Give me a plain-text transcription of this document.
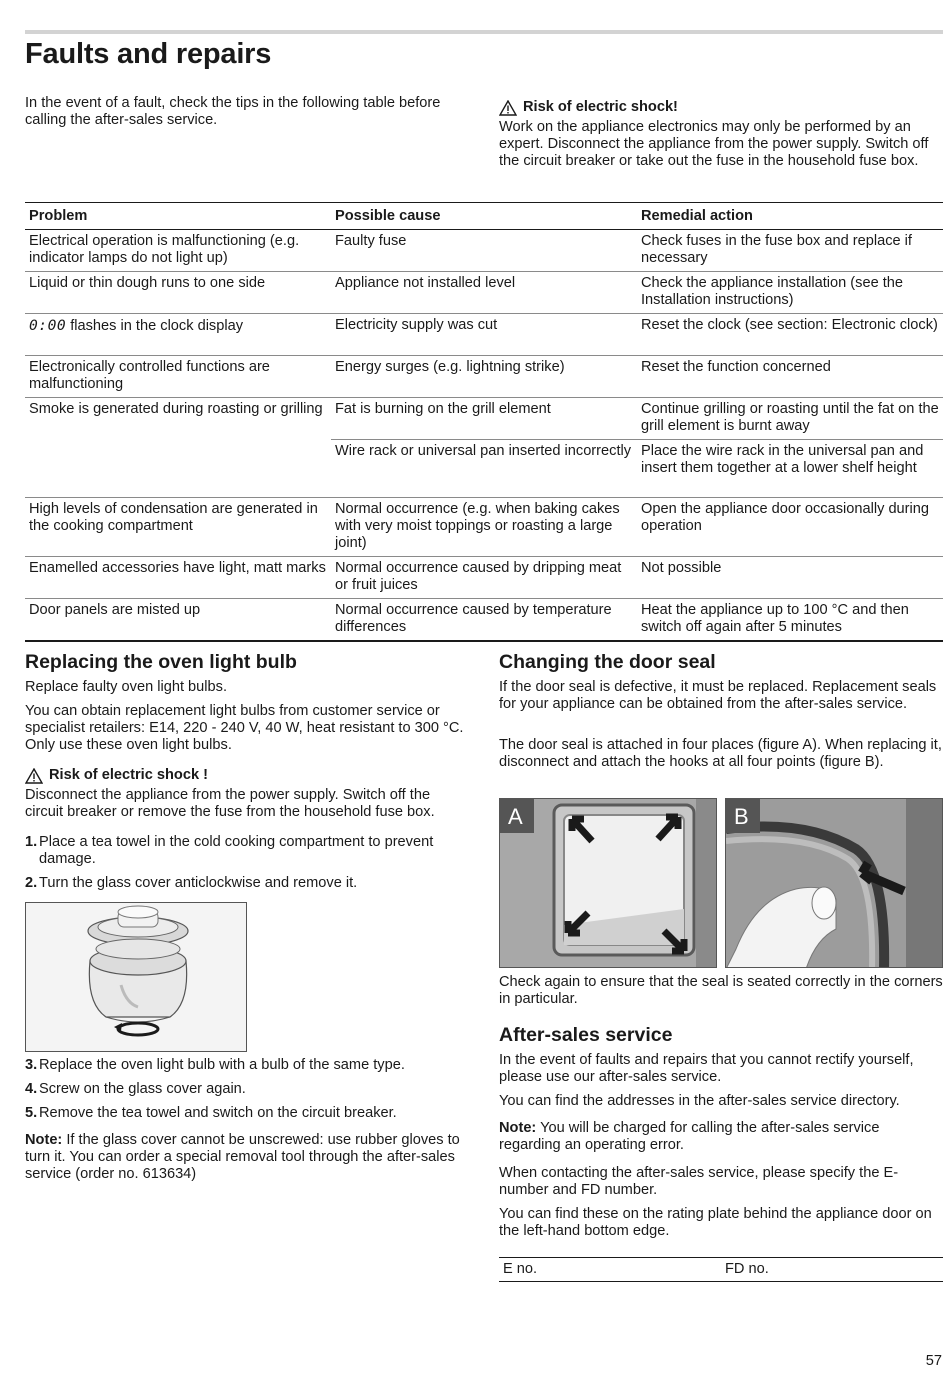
Faults and repairs

In the event of a fault, check the tips in the following table before calling the after-sales service.

Risk of electric shock!

Work on the appliance electronics may only be performed by an expert. Disconnect the appliance from the power supply. Switch off the circuit breaker or take out the fuse in the household fuse box.

Problem	Possible cause	Remedial action
Electrical operation is malfunctioning (e.g. indicator lamps do not light up)	Faulty fuse	Check fuses in the fuse box and replace if necessary
Liquid or thin dough runs to one side	Appliance not installed level	Check the appliance installation (see the Installation instructions)
0:00 flashes in the clock display	Electricity supply was cut	Reset the clock (see section: Electronic clock)
Electronically controlled functions are malfunctioning	Energy surges (e.g. lightning strike)	Reset the function concerned
Smoke is generated during roasting or grilling	Fat is burning on the grill element	Continue grilling or roasting until the fat on the grill element is burnt away
	Wire rack or universal pan inserted incorrectly	Place the wire rack in the universal pan and insert them together at a lower shelf height
High levels of condensation are generated in the cooking compartment	Normal occurrence (e.g. when baking cakes with very moist toppings or roasting a large joint)	Open the appliance door occasionally during operation
Enamelled accessories have light, matt marks	Normal occurrence caused by dripping meat or fruit juices	Not possible
Door panels are misted up	Normal occurrence caused by temperature differences	Heat the appliance up to 100 °C and then switch off again after 5 minutes
Replacing the oven light bulb

Replace faulty oven light bulbs.

You can obtain replacement light bulbs from customer service or specialist retailers: E14, 220 - 240 V, 40 W, heat resistant to 300 °C. Only use these oven light bulbs.

Risk of electric shock !

Disconnect the appliance from the power supply. Switch off the circuit breaker or remove the fuse from the household fuse box.

1. Place a tea towel in the cold cooking compartment to prevent damage.
2. Turn the glass cover anticlockwise and remove it.
3. Replace the oven light bulb with a bulb of the same type.
4. Screw on the glass cover again.
5. Remove the tea towel and switch on the circuit breaker.

Note: If the glass cover cannot be unscrewed: use rubber gloves to turn it. You can order a special removal tool through the after-sales service (order no. 613634)

Changing the door seal

If the door seal is defective, it must be replaced. Replacement seals for your appliance can be obtained from the after-sales service.

The door seal is attached in four places (figure A). When replacing it, disconnect and attach the hooks at all four points (figure B).

A	B

Check again to ensure that the seal is seated correctly in the corners in particular.

After-sales service

In the event of faults and repairs that you cannot rectify yourself, please use our after-sales service.

You can find the addresses in the after-sales service directory.

Note: You will be charged for calling the after-sales service regarding an operating error.

When contacting the after-sales service, please specify the E-number and FD number.

You can find these on the rating plate behind the appliance door on the left-hand bottom edge.

E no.	FD no.
57
